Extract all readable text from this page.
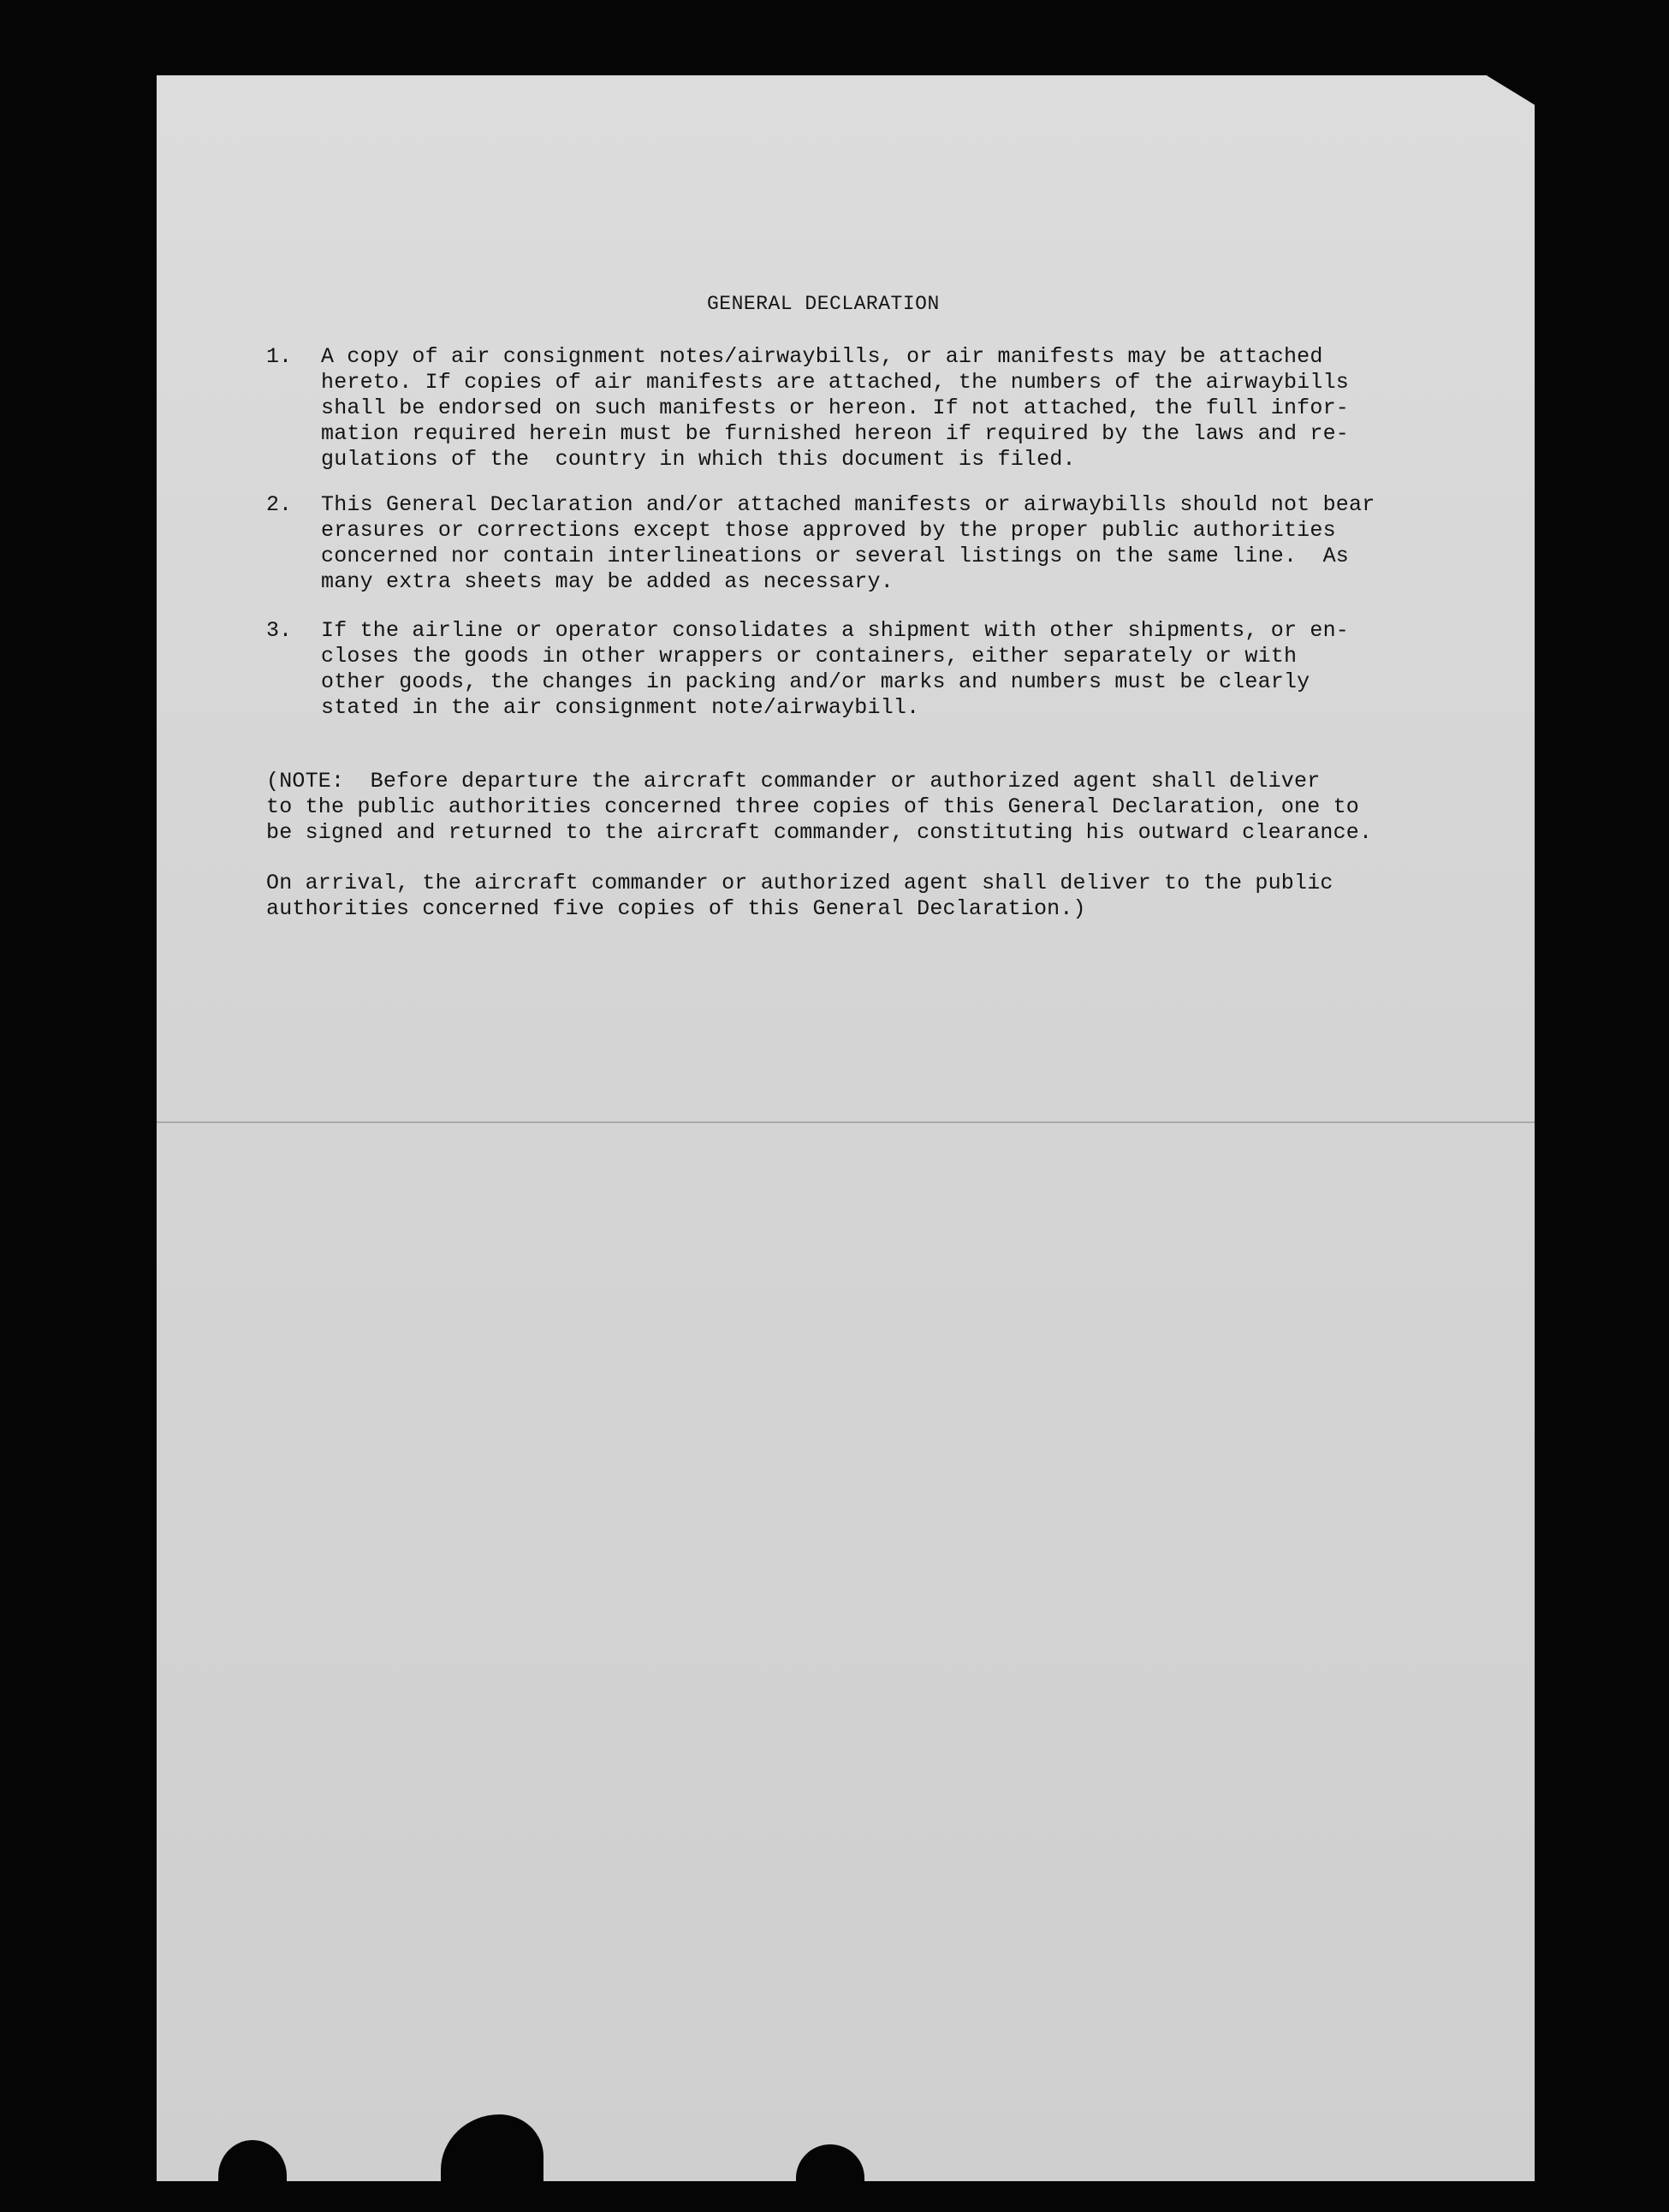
GENERAL DECLARATION
1. A copy of air consignment notes/airwaybills, or air manifests may be attached
hereto. If copies of air manifests are attached, the numbers of the airwaybills
shall be endorsed on such manifests or hereon. If not attached, the full infor-
mation required herein must be furnished hereon if required by the laws and re-
gulations of the  country in which this document is filed.
2. This General Declaration and/or attached manifests or airwaybills should not bear
erasures or corrections except those approved by the proper public authorities
concerned nor contain interlineations or several listings on the same line.  As
many extra sheets may be added as necessary.
3. If the airline or operator consolidates a shipment with other shipments, or en-
closes the goods in other wrappers or containers, either separately or with
other goods, the changes in packing and/or marks and numbers must be clearly
stated in the air consignment note/airwaybill.
(NOTE:  Before departure the aircraft commander or authorized agent shall deliver
to the public authorities concerned three copies of this General Declaration, one to
be signed and returned to the aircraft commander, constituting his outward clearance.
On arrival, the aircraft commander or authorized agent shall deliver to the public
authorities concerned five copies of this General Declaration.)
